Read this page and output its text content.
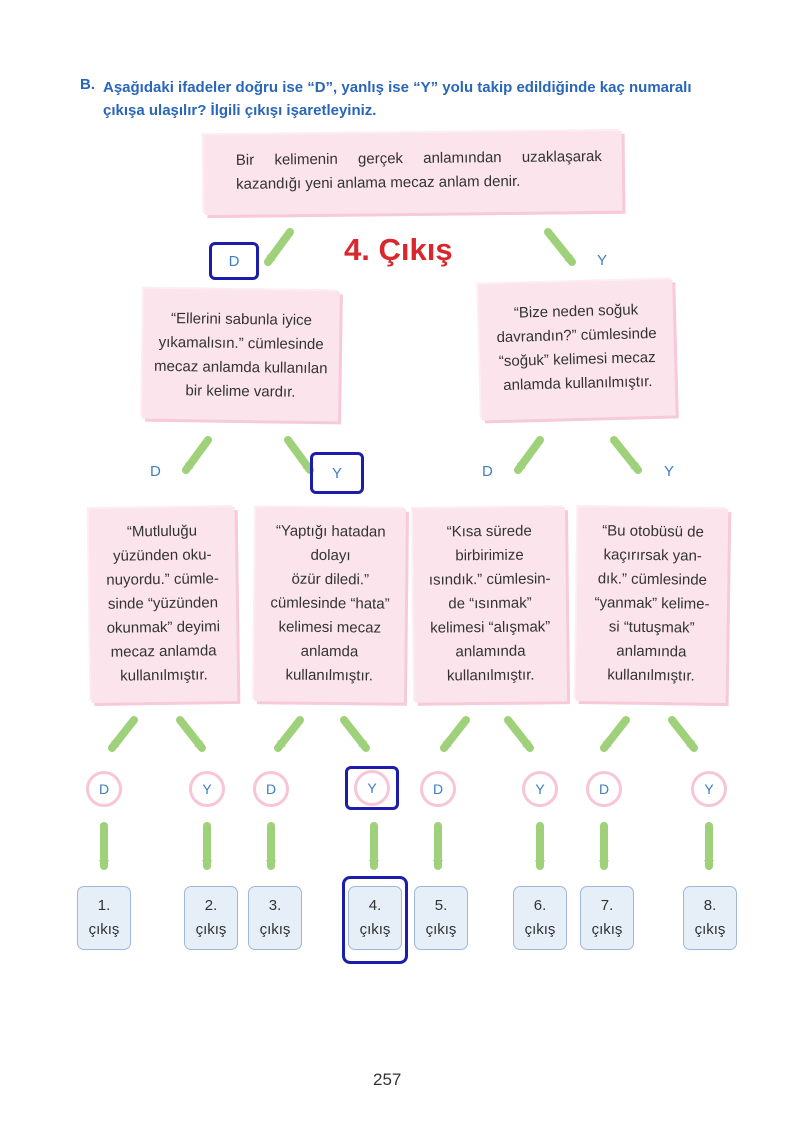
B. Aşağıdaki ifadeler doğru ise “D”, yanlış ise “Y” yolu takip edildiğinde kaç numaralı çıkışa ulaşılır? İlgili çıkışı işaretleyiniz.
Bir kelimenin gerçek anlamından uzaklaşarak kazandığı yeni anlama mecaz anlam denir.
4. Çıkış
D	Y
“Ellerini sabunla iyice yıkamalısın.” cümlesinde mecaz anlamda kullanılan bir kelime vardır.
“Bize neden soğuk davrandın?” cümlesinde “soğuk” kelimesi mecaz anlamda kullanılmıştır.
D	Y	D	Y
“Mutluluğu
yüzünden oku-
nuyordu.” cümle-
sinde “yüzünden
okunmak” deyimi
mecaz anlamda
kullanılmıştır.
“Yaptığı hatadan
dolayı
özür diledi.”
cümlesinde “hata”
kelimesi mecaz
anlamda
kullanılmıştır.
“Kısa sürede
birbirimize
ısındık.” cümlesin-
de “ısınmak”
kelimesi “alışmak”
anlamında
kullanılmıştır.
“Bu otobüsü de
kaçırırsak yan-
dık.” cümlesinde
“yanmak” kelime-
si “tutuşmak”
anlamında
kullanılmıştır.
D	Y	D	Y	D	Y	D	Y
1.
çıkış
2.
çıkış
3.
çıkış
4.
çıkış
5.
çıkış
6.
çıkış
7.
çıkış
8.
çıkış
257
